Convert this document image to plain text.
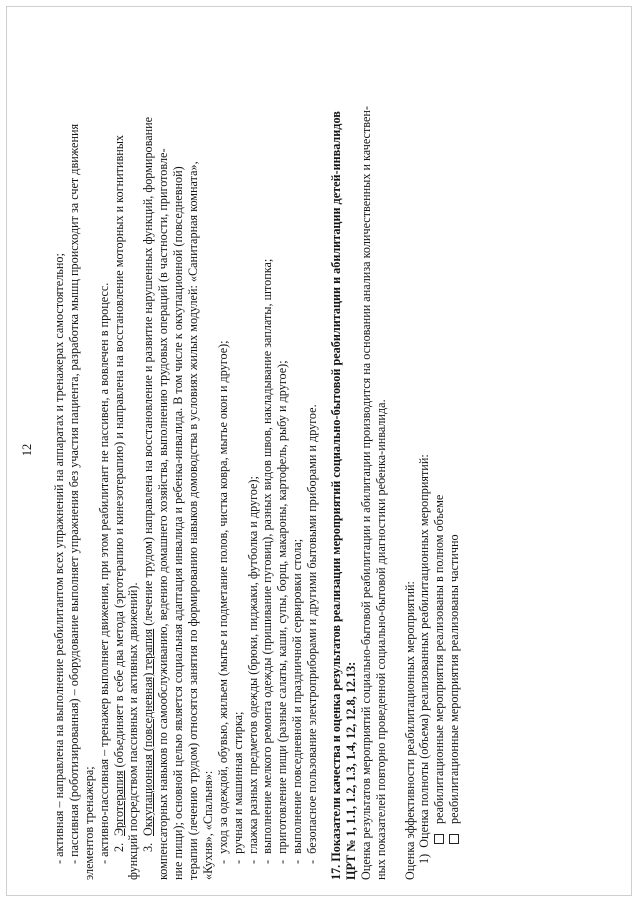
12 - активная – направлена на выполнение реабилитантом всех упражнений на аппаратах и тренажерах самостоятельно; - пассивная (роботизированная) – оборудование выполняет упражнения без участия пациента, разработка мышц происходит за счет движения элементов тренажера; - активно-пассивная – тренажер выполняет движения, при этом реабилитант не пассивен, а вовлечен в процесс. 2.Эрготерапия (объединяет в себе два метода (эрготерапию и кинезотерапию) и направлена на восстановление моторных и когнитивных функций посредством пассивных и активных движений). 3.Оккупационная (повседневная) терапия (лечение трудом) направлена на восстановление и развитие нарушенных функций, формирование компенсаторных навыков по самообслуживанию, ведению домашнего хозяйства, выполнению трудовых операций (в частности, приготовле- ние пищи); основной целью является социальная адаптация инвалида и ребенка-инвалида. В том числе к оккупационной (повседневной) терапии (лечению трудом) относятся занятия по формированию навыков домоводства в условиях жилых модулей: «Санитарная комната», «Кухня», «Спальня»: -  уход за одеждой, обувью, жильем (мытье и подметание полов, чистка ковра, мытье окон и другое);
-  ручная и машинная стирка;
-  глажка разных предметов одежды (брюки, пиджаки, футболка и другое);
-  выполнение мелкого ремонта одежды (пришивание пуговиц), разных видов швов, накладывание заплаты, штопка;
-  приготовление пищи (разные салаты, каши, супы, борщ, макароны, картофель, рыбу и другое);
-  выполнение повседневной и праздничной сервировки стола;
-  безопасное пользование электроприборами и другими бытовыми приборами и другое. 17. Показатели качества и оценка результатов реализации мероприятий социально-бытовой реабилитации и абилитации детей-инвалидов ЦРТ № 1, 1.1, 1.2, 1.3, 1.4, 12, 12.8, 12.13: Оценка результатов мероприятий социально-бытовой реабилитации и абилитации производится на основании анализа количественных и качествен- ных показателей повторно проведенной социально-бытовой диагностики ребенка-инвалида. Оценка эффективности реабилитационных мероприятий: 1)  Оценка полноты (объема) реализованных реабилитационных мероприятий: реабилитационные мероприятия реализованы в полном объеме реабилитационные мероприятия реализованы частично
